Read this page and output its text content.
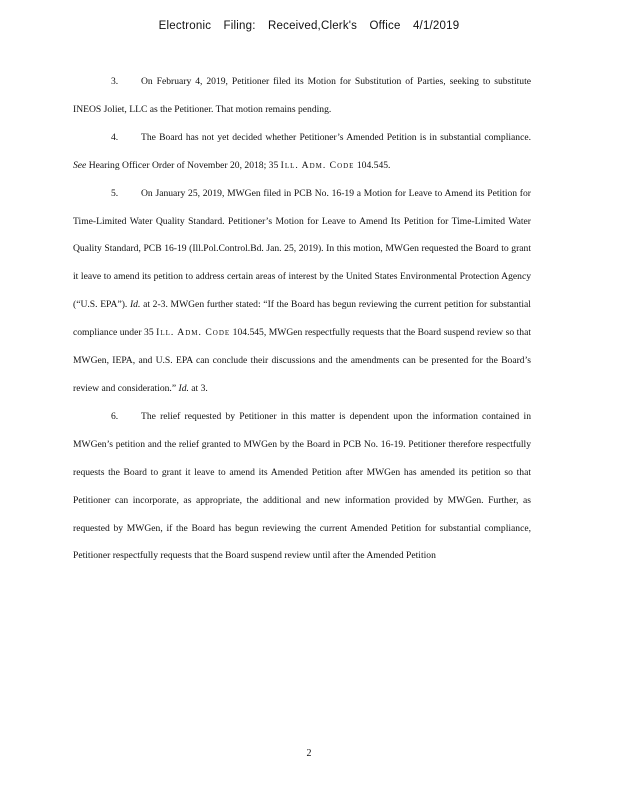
Electronic Filing: Received,Clerk's Office 4/1/2019

3. On February 4, 2019, Petitioner filed its Motion for Substitution of Parties, seeking to substitute INEOS Joliet, LLC as the Petitioner. That motion remains pending.

4. The Board has not yet decided whether Petitioner’s Amended Petition is in substantial compliance. See Hearing Officer Order of November 20, 2018; 35 Ill. Adm. Code 104.545.

5. On January 25, 2019, MWGen filed in PCB No. 16-19 a Motion for Leave to Amend its Petition for Time-Limited Water Quality Standard. Petitioner’s Motion for Leave to Amend Its Petition for Time-Limited Water Quality Standard, PCB 16-19 (Ill.Pol.Control.Bd. Jan. 25, 2019). In this motion, MWGen requested the Board to grant it leave to amend its petition to address certain areas of interest by the United States Environmental Protection Agency (“U.S. EPA”). Id. at 2-3. MWGen further stated: “If the Board has begun reviewing the current petition for substantial compliance under 35 Ill. Adm. Code 104.545, MWGen respectfully requests that the Board suspend review so that MWGen, IEPA, and U.S. EPA can conclude their discussions and the amendments can be presented for the Board’s review and consideration.” Id. at 3.

6. The relief requested by Petitioner in this matter is dependent upon the information contained in MWGen’s petition and the relief granted to MWGen by the Board in PCB No. 16-19. Petitioner therefore respectfully requests the Board to grant it leave to amend its Amended Petition after MWGen has amended its petition so that Petitioner can incorporate, as appropriate, the additional and new information provided by MWGen. Further, as requested by MWGen, if the Board has begun reviewing the current Amended Petition for substantial compliance, Petitioner respectfully requests that the Board suspend review until after the Amended Petition

2
